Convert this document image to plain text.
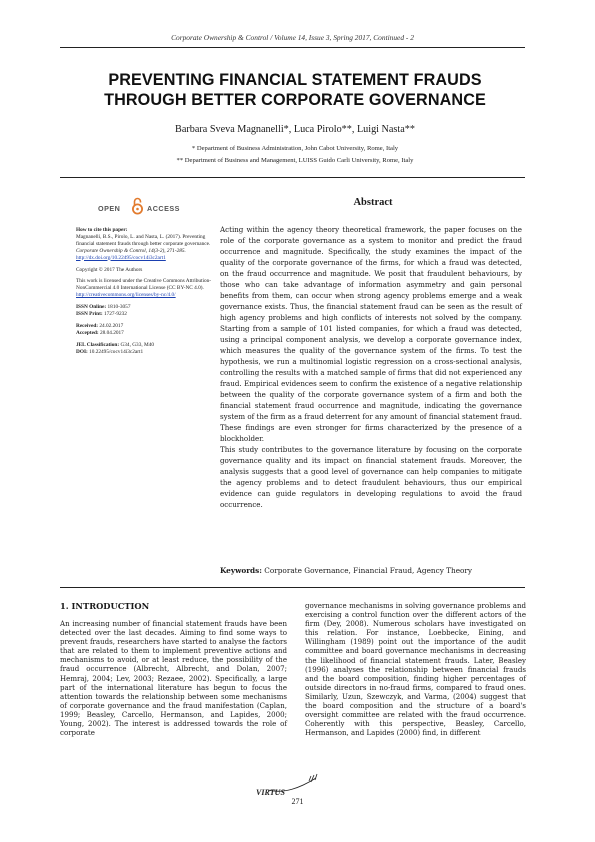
Corporate Ownership & Control / Volume 14, Issue 3, Spring 2017, Continued - 2
PREVENTING FINANCIAL STATEMENT FRAUDS
THROUGH BETTER CORPORATE GOVERNANCE
Barbara Sveva Magnanelli*, Luca Pirolo**, Luigi Nasta**
* Department of Business Administration, John Cabot University, Rome, Italy
** Department of Business and Management, LUISS Guido Carli University, Rome, Italy
OPEN	ACCESS

How to cite this paper:
Magnanelli, B.S., Pirolo, L. and Nasta, L. (2017). Preventing financial statement frauds through better corporate governance. Corporate Ownership & Control, 14(3-2), 271-285.
http://dx.doi.org/10.22495/cocv14i3c2art1

Copyright © 2017 The Authors

This work is licensed under the Creative Commons Attribution-NonCommercial 4.0 International License (CC BY-NC 4.0).
http://creativecommons.org/licenses/by-nc/4.0/

ISSN Online: 1810-3057
ISSN Print: 1727-9232

Received: 24.02.2017
Accepted: 28.04.2017

JEL Classification: G34, G33, M40
DOI: 10.22495/cocv14i3c2art1

Abstract

Acting within the agency theory theoretical framework, the paper focuses on the role of the corporate governance as a system to monitor and predict the fraud occurrence and magnitude. Specifically, the study examines the impact of the quality of the corporate governance of the firms, for which a fraud was detected, on the fraud occurrence and magnitude. We posit that fraudulent behaviours, by those who can take advantage of information asymmetry and gain personal benefits from them, can occur when strong agency problems emerge and a weak governance exists. Thus, the financial statement fraud can be seen as the result of high agency problems and high conflicts of interests not solved by the company. Starting from a sample of 101 listed companies, for which a fraud was detected, using a principal component analysis, we develop a corporate governance index, which measures the quality of the governance system of the firms. To test the hypothesis, we run a multinomial logistic regression on a cross-sectional analysis, controlling the results with a matched sample of firms that did not experienced any fraud. Empirical evidences seem to confirm the existence of a negative relationship between the quality of the corporate governance system of a firm and both the financial statement fraud occurrence and magnitude, indicating the governance system of the firm as a fraud deterrent for any amount of financial statement fraud. These findings are even stronger for firms characterized by the presence of a blockholder.

This study contributes to the governance literature by focusing on the corporate governance quality and its impact on financial statement frauds. Moreover, the analysis suggests that a good level of governance can help companies to mitigate the agency problems and to detect fraudulent behaviours, thus our empirical evidence can guide regulators in developing regulations to avoid the fraud occurrence.

Keywords: Corporate Governance, Financial Fraud, Agency Theory
1. INTRODUCTION

An increasing number of financial statement frauds have been detected over the last decades. Aiming to find some ways to prevent frauds, researchers have started to analyse the factors that are related to them to implement preventive actions and mechanisms to avoid, or at least reduce, the possibility of the fraud occurrence (Albrecht, Albrecht, and Dolan, 2007; Hemraj, 2004; Lev, 2003; Rezaee, 2002). Specifically, a large part of the international literature has begun to focus the attention towards the relationship between some mechanisms of corporate governance and the fraud manifestation (Caplan, 1999; Beasley, Carcello, Hermanson, and Lapides, 2000; Young, 2002). The interest is addressed towards the role of corporate

governance mechanisms in solving governance problems and exercising a control function over the different actors of the firm (Dey, 2008). Numerous scholars have investigated on this relation. For instance, Loebbecke, Eining, and Willingham (1989) point out the importance of the audit committee and board governance mechanisms in decreasing the likelihood of financial statement frauds. Later, Beasley (1996) analyses the relationship between financial frauds and the board composition, finding higher percentages of outside directors in no-fraud firms, compared to fraud ones. Similarly, Uzun, Szewczyk, and Varma, (2004) suggest that the board composition and the structure of a board's oversight committee are related with the fraud occurrence. Coherently with this perspective, Beasley, Carcello, Hermanson, and Lapides (2000) find, in different

VIRTUS
271
